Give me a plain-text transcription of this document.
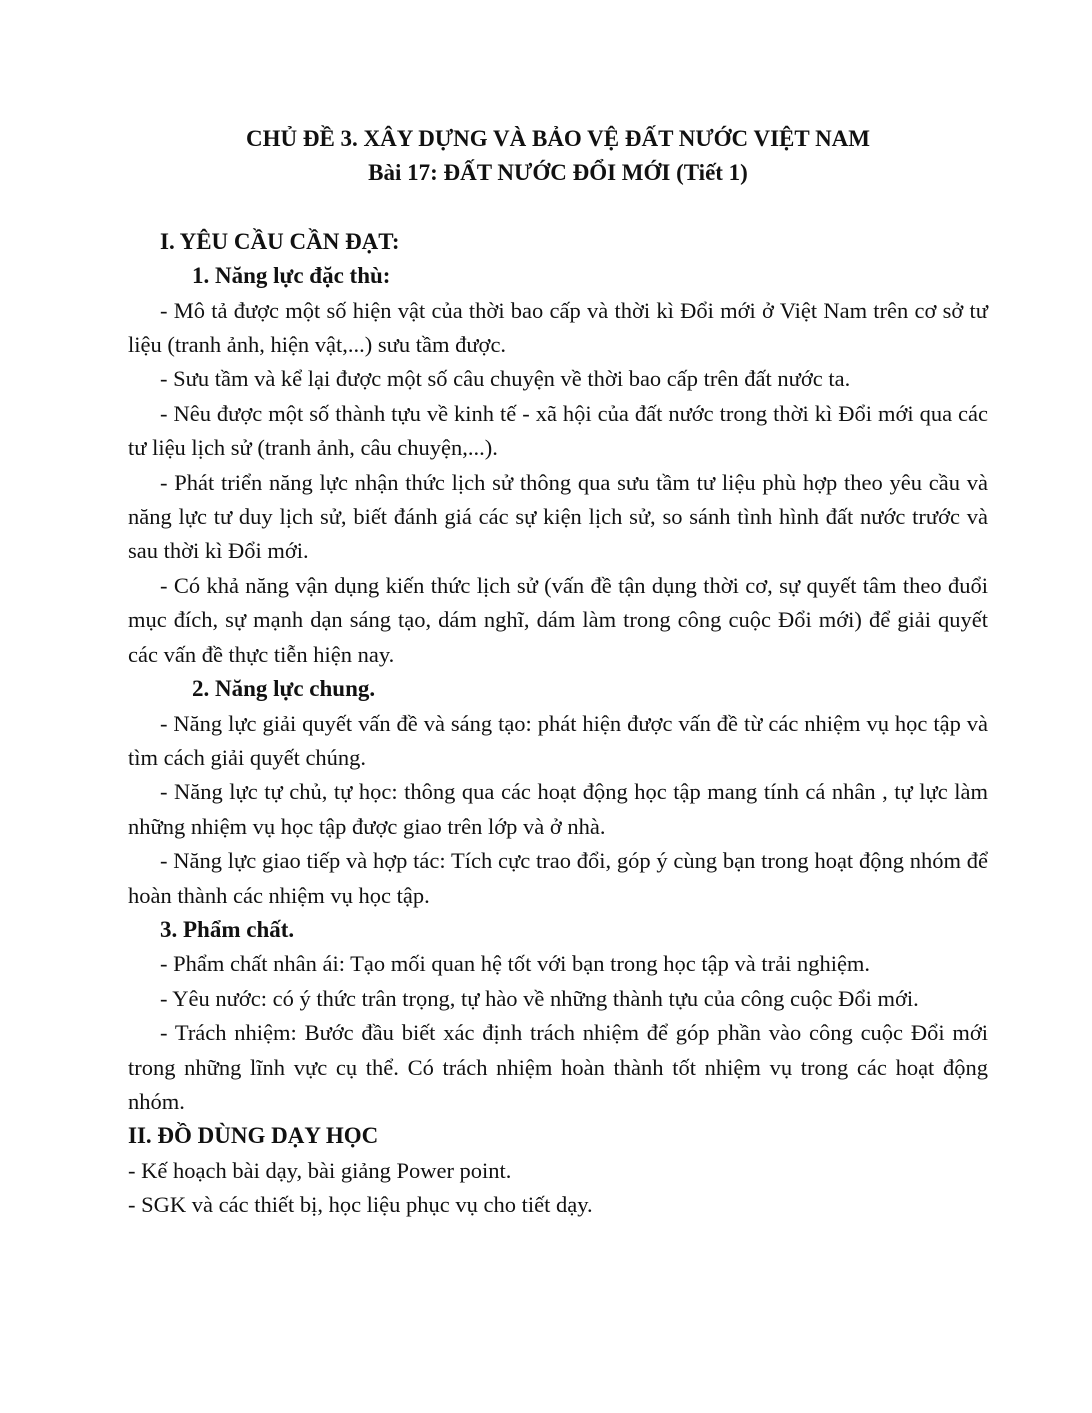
CHỦ ĐỀ 3. XÂY DỰNG VÀ BẢO VỆ ĐẤT NƯỚC VIỆT NAM

Bài 17: ĐẤT NƯỚC ĐỔI MỚI (Tiết 1)

I. YÊU CẦU CẦN ĐẠT:

1. Năng lực đặc thù:

- Mô tả được một số hiện vật của thời bao cấp và thời kì Đổi mới ở Việt Nam trên cơ sở tư liệu (tranh ảnh, hiện vật,...) sưu tầm được.

- Sưu tầm và kể lại được một số câu chuyện về thời bao cấp trên đất nước ta.

- Nêu được một số thành tựu về kinh tế - xã hội của đất nước trong thời kì Đổi mới qua các tư liệu lịch sử (tranh ảnh, câu chuyện,...).

- Phát triển năng lực nhận thức lịch sử thông qua sưu tầm tư liệu phù hợp theo yêu cầu và năng lực tư duy lịch sử, biết đánh giá các sự kiện lịch sử, so sánh tình hình đất nước trước và sau thời kì Đổi mới.

- Có khả năng vận dụng kiến thức lịch sử (vấn đề tận dụng thời cơ, sự quyết tâm theo đuổi mục đích, sự mạnh dạn sáng tạo, dám nghĩ, dám làm trong công cuộc Đổi mới) để giải quyết các vấn đề thực tiễn hiện nay.

2. Năng lực chung.

- Năng lực giải quyết vấn đề và sáng tạo: phát hiện được vấn đề từ các nhiệm vụ học tập và tìm cách giải quyết chúng.

- Năng lực tự chủ, tự học: thông qua các hoạt động học tập mang tính cá nhân , tự lực làm những nhiệm vụ học tập được giao trên lớp và ở nhà.

- Năng lực giao tiếp và hợp tác: Tích cực trao đổi, góp ý cùng bạn trong hoạt động nhóm để hoàn thành các nhiệm vụ học tập.

3. Phẩm chất.

- Phẩm chất nhân ái: Tạo mối quan hệ tốt với bạn trong học tập và trải nghiệm.

- Yêu nước: có ý thức trân trọng, tự hào về những thành tựu của công cuộc Đổi mới.

- Trách nhiệm: Bước đầu biết xác định trách nhiệm để góp phần vào công cuộc Đổi mới trong những lĩnh vực cụ thể. Có trách nhiệm hoàn thành tốt nhiệm vụ trong các hoạt động nhóm.

II. ĐỒ DÙNG DẠY HỌC

- Kế hoạch bài dạy, bài giảng Power point.

- SGK và các thiết bị, học liệu phục vụ cho tiết dạy.
